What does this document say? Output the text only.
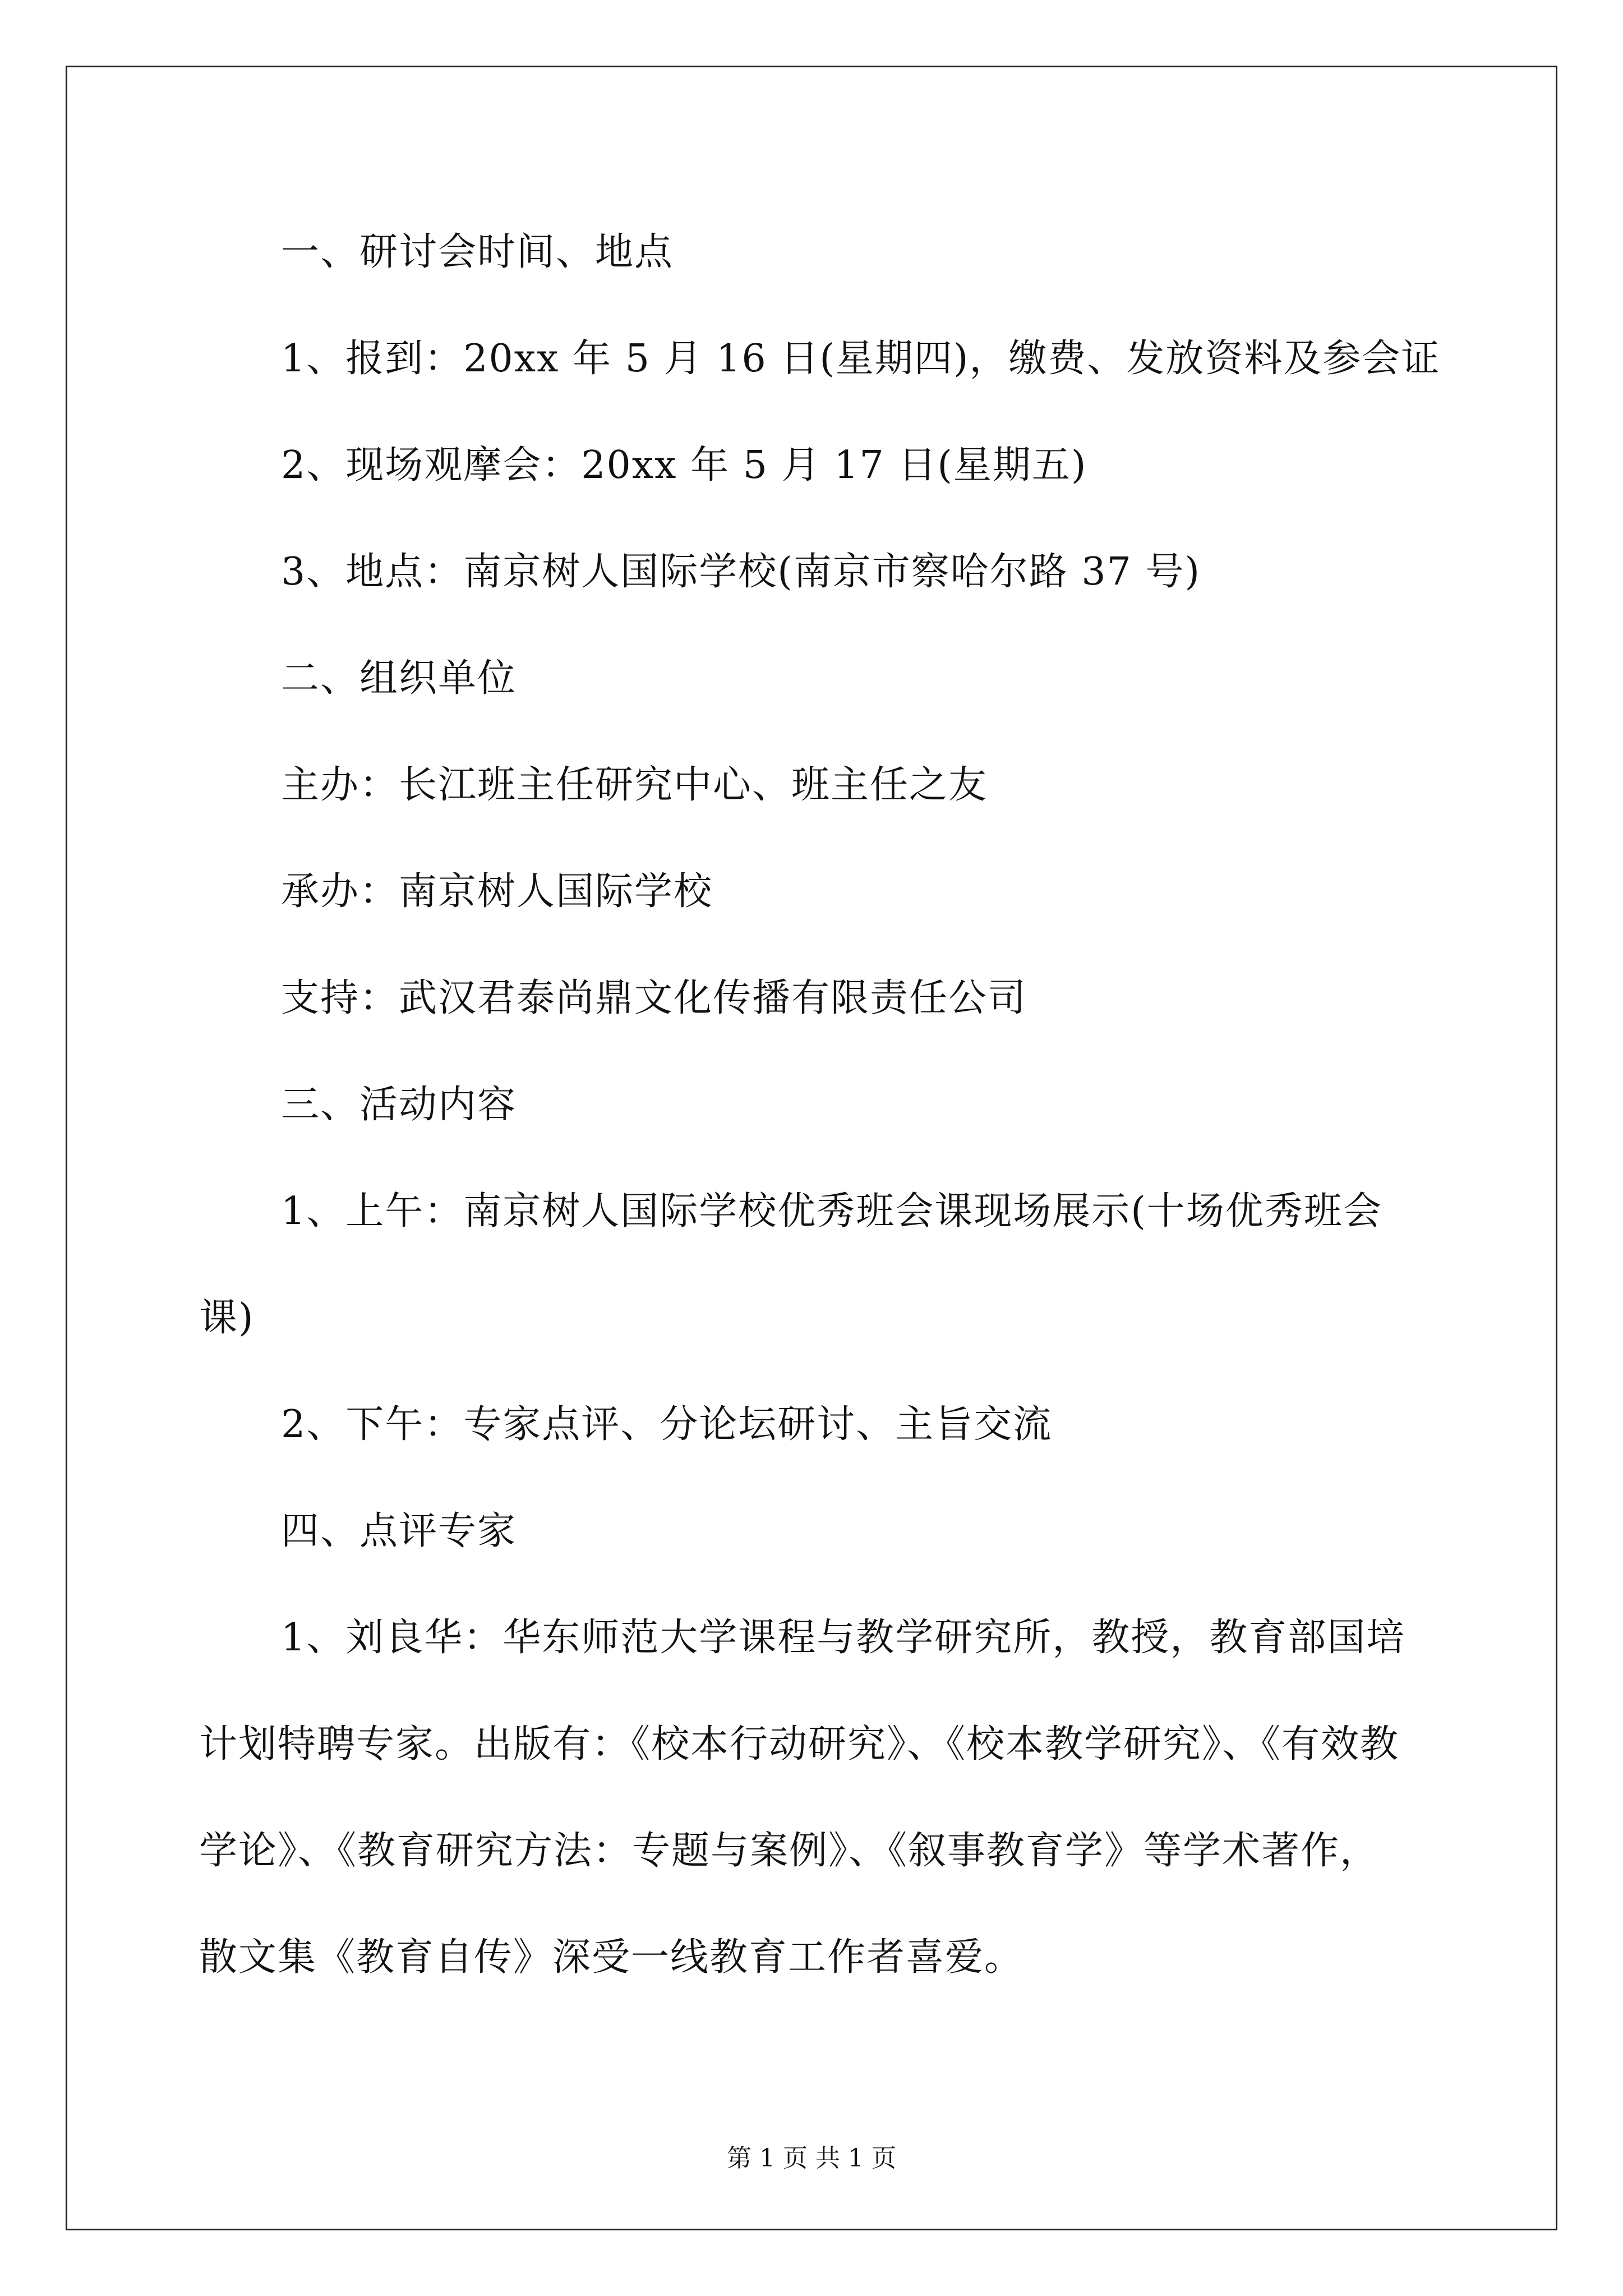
一、研讨会时间、地点

1、报到：20xx 年 5 月 16 日(星期四)，缴费、发放资料及参会证

2、现场观摩会：20xx 年 5 月 17 日(星期五)

3、地点：南京树人国际学校(南京市察哈尔路 37 号)

二、组织单位

主办：长江班主任研究中心、班主任之友

承办：南京树人国际学校

支持：武汉君泰尚鼎文化传播有限责任公司

三、活动内容

1、上午：南京树人国际学校优秀班会课现场展示(十场优秀班会

课)

2、下午：专家点评、分论坛研讨、主旨交流

四、点评专家

1、刘良华：华东师范大学课程与教学研究所，教授，教育部国培

计划特聘专家。出版有：《校本行动研究》、《校本教学研究》、《有效教

学论》、《教育研究方法：专题与案例》、《叙事教育学》等学术著作，

散文集《教育自传》深受一线教育工作者喜爱。

第 1 页 共 1 页
